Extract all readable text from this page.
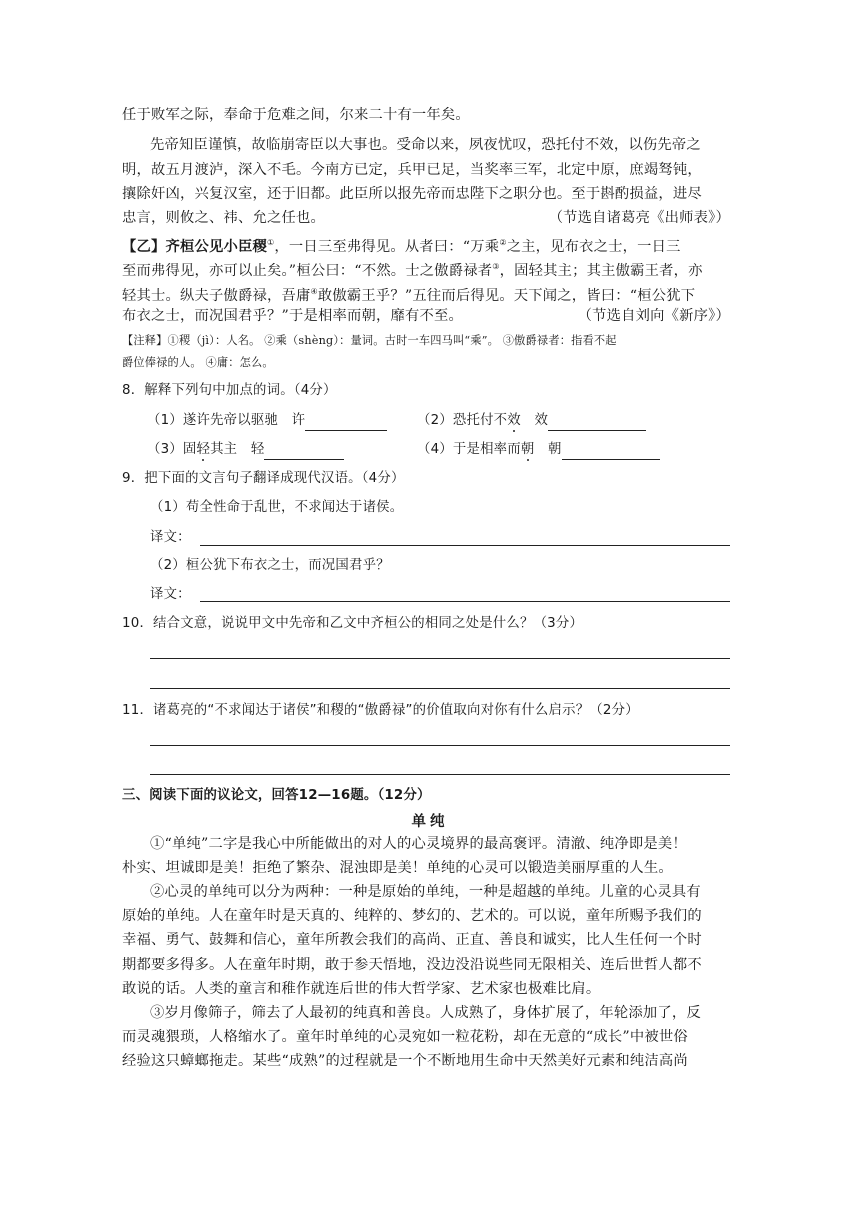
任于败军之际，奉命于危难之间，尔来二十有一年矣。
先帝知臣谨慎，故临崩寄臣以大事也。受命以来，夙夜忧叹，恐托付不效，以伤先帝之
明，故五月渡泸，深入不毛。今南方已定，兵甲已足，当奖率三军，北定中原，庶竭驽钝，
攘除奸凶，兴复汉室，还于旧都。此臣所以报先帝而忠陛下之职分也。至于斟酌损益，进尽
忠言，则攸之、祎、允之任也。	（节选自诸葛亮《出师表》）
【乙】齐桓公见小臣稷①，一日三至弗得见。从者曰：“万乘②之主，见布衣之士，一日三
至而弗得见，亦可以止矣。”桓公曰：“不然。士之傲爵禄者③，固轻其主；其主傲霸王者，亦
轻其士。纵夫子傲爵禄，吾庸④敢傲霸王乎？”五往而后得见。天下闻之，皆曰：“桓公犹下
布衣之士，而况国君乎？”于是相率而朝，靡有不至。	（节选自刘向《新序》）
【注释】①稷（jì）：人名。 ②乘（shèng）：量词。古时一车四马叫“乘”。 ③傲爵禄者：指看不起
爵位俸禄的人。 ④庸：怎么。
8．解释下列句中加点的词。（4分）
（1）遂许先帝以驱驰　许	（2）恐托付不效　效
（3）固轻其主　轻	（4）于是相率而朝　朝
9．把下面的文言句子翻译成现代汉语。（4分）
（1）苟全性命于乱世，不求闻达于诸侯。
译文：
（2）桓公犹下布衣之士，而况国君乎？
译文：
10．结合文意，说说甲文中先帝和乙文中齐桓公的相同之处是什么？（3分）
11．诸葛亮的“不求闻达于诸侯”和稷的“傲爵禄”的价值取向对你有什么启示？（2分）
三、阅读下面的议论文，回答12—16题。（12分）
单纯
①“单纯”二字是我心中所能做出的对人的心灵境界的最高褒评。清澈、纯净即是美！
朴实、坦诚即是美！拒绝了繁杂、混浊即是美！单纯的心灵可以锻造美丽厚重的人生。
②心灵的单纯可以分为两种：一种是原始的单纯，一种是超越的单纯。儿童的心灵具有
原始的单纯。人在童年时是天真的、纯粹的、梦幻的、艺术的。可以说，童年所赐予我们的
幸福、勇气、鼓舞和信心，童年所教会我们的高尚、正直、善良和诚实，比人生任何一个时
期都要多得多。人在童年时期，敢于参天悟地，没边没沿说些同无限相关、连后世哲人都不
敢说的话。人类的童言和稚作就连后世的伟大哲学家、艺术家也极难比肩。
③岁月像筛子，筛去了人最初的纯真和善良。人成熟了，身体扩展了，年轮添加了，反
而灵魂猥琐，人格缩水了。童年时单纯的心灵宛如一粒花粉，却在无意的“成长”中被世俗
经验这只蟑螂拖走。某些“成熟”的过程就是一个不断地用生命中天然美好元素和纯洁高尚
